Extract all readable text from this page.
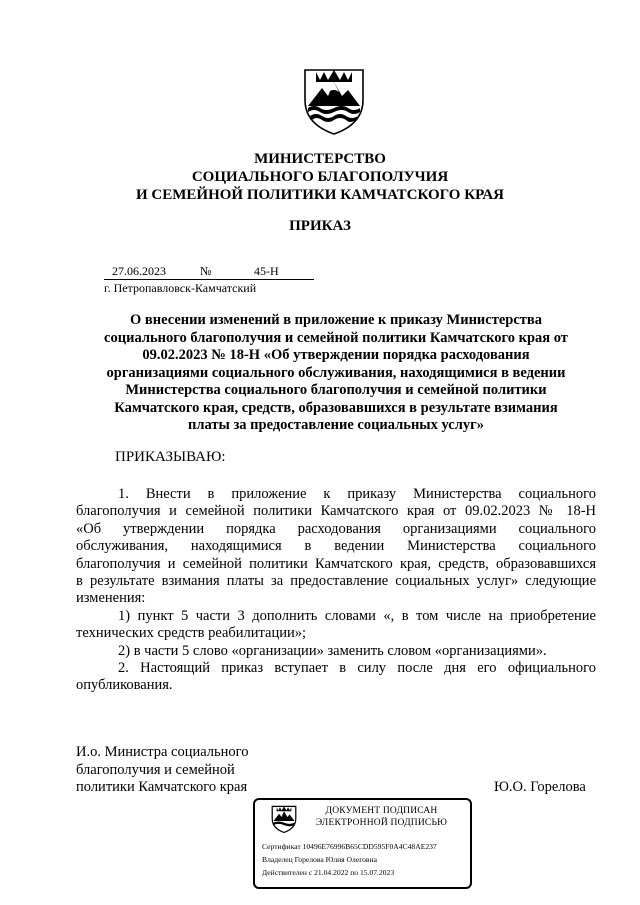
МИНИСТЕРСТВО
СОЦИАЛЬНОГО БЛАГОПОЛУЧИЯ
И СЕМЕЙНОЙ ПОЛИТИКИ КАМЧАТСКОГО КРАЯ
ПРИКАЗ
27.06.2023	№	45-Н
г. Петропавловск-Камчатский
О внесении изменений в приложение к приказу Министерства
социального благополучия и семейной политики Камчатского края от
09.02.2023 № 18-Н «Об утверждении порядка расходования
организациями социального обслуживания, находящимися в ведении
Министерства социального благополучия и семейной политики
Камчатского края, средств, образовавшихся в результате взимания
платы за предоставление социальных услуг»
ПРИКАЗЫВАЮ:
1. Внести в приложение к приказу Министерства социального
благополучия и семейной политики Камчатского края от 09.02.2023 № 18-Н
«Об утверждении порядка расходования организациями социального
обслуживания, находящимися в ведении Министерства социального
благополучия и семейной политики Камчатского края, средств, образовавшихся
в результате взимания платы за предоставление социальных услуг» следующие
изменения:
1) пункт 5 части 3 дополнить словами «, в том числе на приобретение
технических средств реабилитации»;
2) в части 5 слово «организации» заменить словом «организациями».
2. Настоящий приказ вступает в силу после дня его официального
опубликования.
И.о. Министра социального
благополучия и семейной
политики Камчатского края	Ю.О. Горелова
ДОКУМЕНТ ПОДПИСАН
ЭЛЕКТРОННОЙ ПОДПИСЬЮ
Сертификат 10496E76996B65CDD595F0A4C48AE237
Владелец Горелова Юлия Олеговна
Действителен с 21.04.2022 по 15.07.2023
